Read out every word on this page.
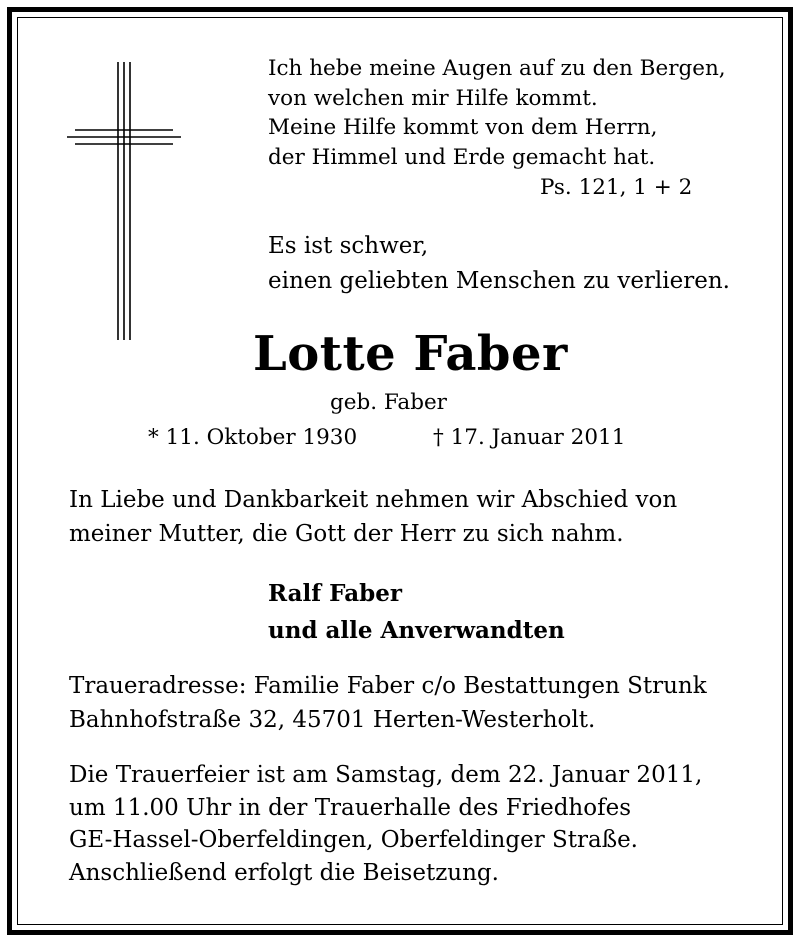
Ich hebe meine Augen auf zu den Bergen,
von welchen mir Hilfe kommt.
Meine Hilfe kommt von dem Herrn,
der Himmel und Erde gemacht hat.
Ps. 121, 1 + 2
Es ist schwer,
einen geliebten Menschen zu verlieren.
Lotte Faber
geb. Faber
* 11. Oktober 1930	† 17. Januar 2011
In Liebe und Dankbarkeit nehmen wir Abschied von
meiner Mutter, die Gott der Herr zu sich nahm.
Ralf Faber
und alle Anverwandten
Traueradresse: Familie Faber c/o Bestattungen Strunk
Bahnhofstraße 32, 45701 Herten-Westerholt.
Die Trauerfeier ist am Samstag, dem 22. Januar 2011,
um 11.00 Uhr in der Trauerhalle des Friedhofes
GE-Hassel-Oberfeldingen, Oberfeldinger Straße.
Anschließend erfolgt die Beisetzung.
